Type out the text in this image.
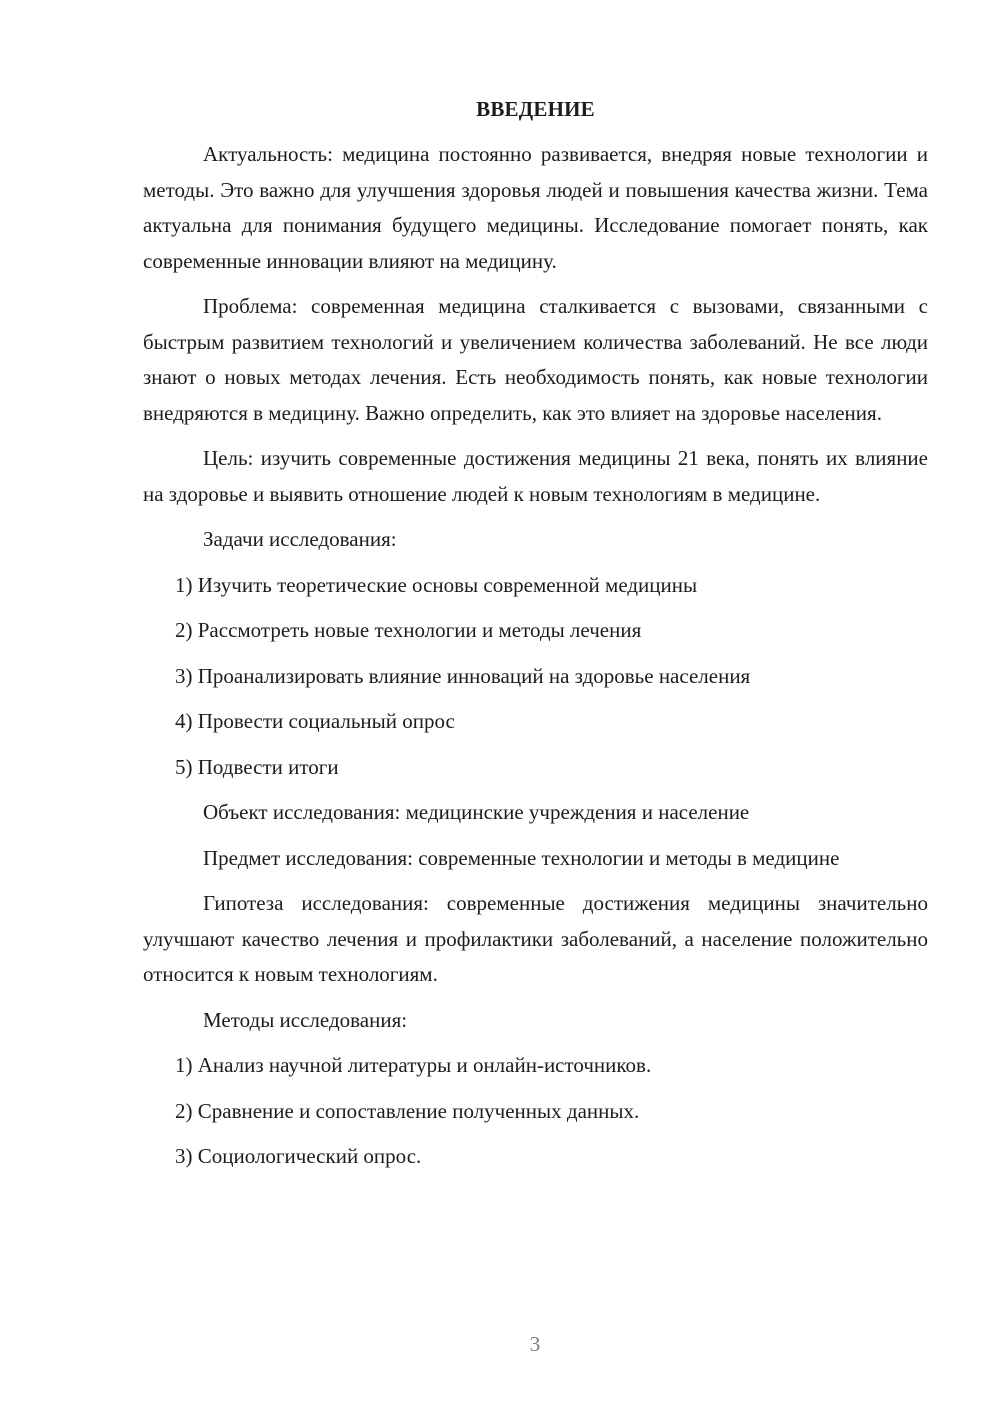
ВВЕДЕНИЕ

Актуальность: медицина постоянно развивается, внедряя новые технологии и методы. Это важно для улучшения здоровья людей и повышения качества жизни. Тема актуальна для понимания будущего медицины. Исследование помогает понять, как современные инновации влияют на медицину.

Проблема: современная медицина сталкивается с вызовами, связанными с быстрым развитием технологий и увеличением количества заболеваний. Не все люди знают о новых методах лечения. Есть необходимость понять, как новые технологии внедряются в медицину. Важно определить, как это влияет на здоровье населения.

Цель: изучить современные достижения медицины 21 века, понять их влияние на здоровье и выявить отношение людей к новым технологиям в медицине.

Задачи исследования:
1) Изучить теоретические основы современной медицины
2) Рассмотреть новые технологии и методы лечения
3) Проанализировать влияние инноваций на здоровье населения
4) Провести социальный опрос
5) Подвести итоги
Объект исследования: медицинские учреждения и население

Предмет исследования: современные технологии и методы в медицине

Гипотеза исследования: современные достижения медицины значительно улучшают качество лечения и профилактики заболеваний, а население положительно относится к новым технологиям.

Методы исследования:
1) Анализ научной литературы и онлайн-источников.
2) Сравнение и сопоставление полученных данных.
3) Социологический опрос.
3
